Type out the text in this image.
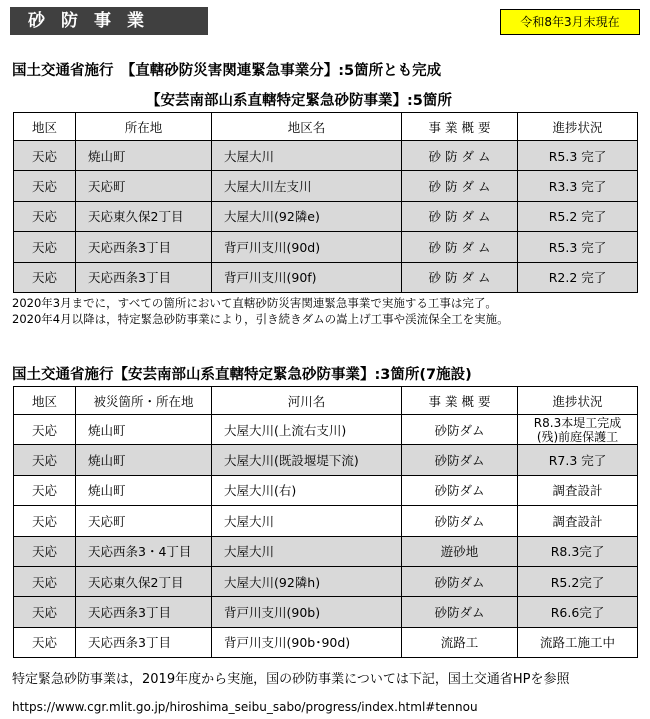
砂防事業	令和8年3月末現在
国土交通省施行　【直轄砂防災害関連緊急事業分】:5箇所とも完成
【安芸南部山系直轄特定緊急砂防事業】:5箇所
地区	所在地	地区名	事 業 概 要	進捗状況
天応	焼山町	大屋大川	砂 防 ダ ム	R5.3 完了
天応	天応町	大屋大川左支川	砂 防 ダ ム	R3.3 完了
天応	天応東久保2丁目	大屋大川(92隣e)	砂 防 ダ ム	R5.2 完了
天応	天応西条3丁目	背戸川支川(90d)	砂 防 ダ ム	R5.3 完了
天応	天応西条3丁目	背戸川支川(90f)	砂 防 ダ ム	R2.2 完了
2020年3月までに，すべての箇所において直轄砂防災害関連緊急事業で実施する工事は完了。
2020年4月以降は，特定緊急砂防事業により，引き続きダムの嵩上げ工事や渓流保全工を実施。
国土交通省施行【安芸南部山系直轄特定緊急砂防事業】:3箇所(7施設)
地区	被災箇所・所在地	河川名	事 業 概 要	進捗状況
天応	焼山町	大屋大川(上流右支川)	砂防ダム	R8.3本堤工完成
(残)前庭保護工

天応	焼山町	大屋大川(既設堰堤下流)	砂防ダム	R7.3 完了
天応	焼山町	大屋大川(右)	砂防ダム	調査設計
天応	天応町	大屋大川	砂防ダム	調査設計
天応	天応西条3・4丁目	大屋大川	遊砂地	R8.3完了
天応	天応東久保2丁目	大屋大川(92隣h)	砂防ダム	R5.2完了
天応	天応西条3丁目	背戸川支川(90b)	砂防ダム	R6.6完了
天応	天応西条3丁目	背戸川支川(90b･90d)	流路工	流路工施工中
特定緊急砂防事業は，2019年度から実施，国の砂防事業については下記，国土交通省HPを参照
https://www.cgr.mlit.go.jp/hiroshima_seibu_sabo/progress/index.html#tennou
